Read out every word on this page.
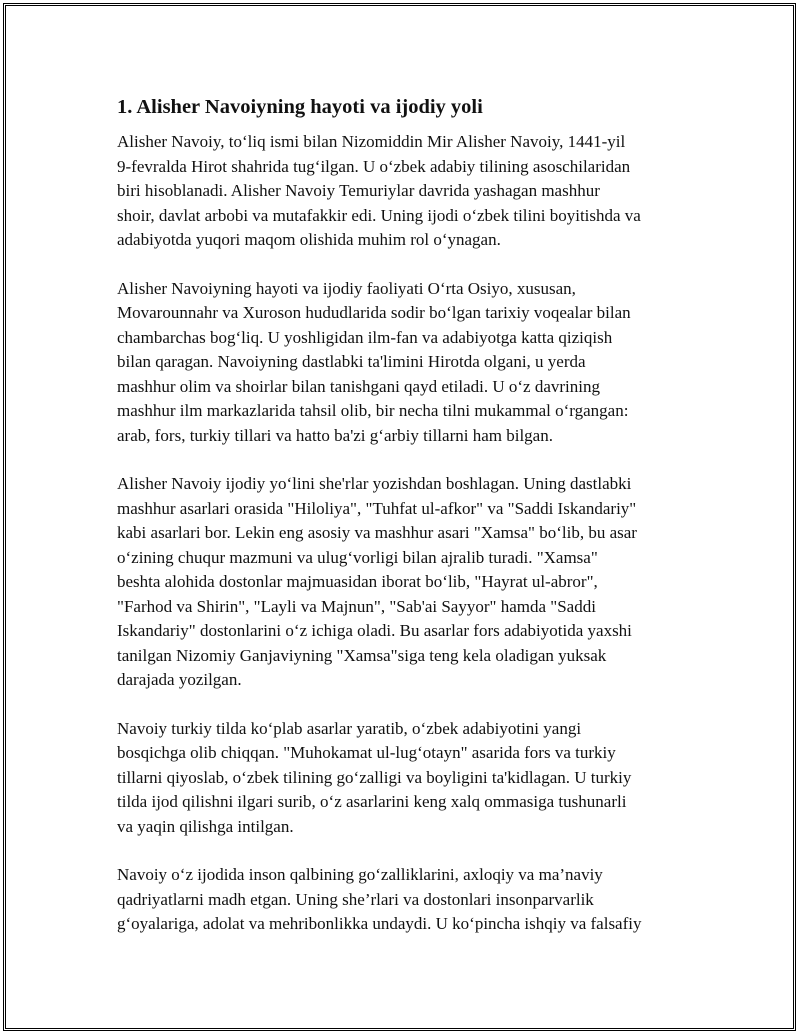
1. Alisher Navoiyning hayoti va ijodiy yoli

Alisher Navoiy, to‘liq ismi bilan Nizomiddin Mir Alisher Navoiy, 1441-yil
9-fevralda Hirot shahrida tug‘ilgan. U o‘zbek adabiy tilining asoschilaridan
biri hisoblanadi. Alisher Navoiy Temuriylar davrida yashagan mashhur
shoir, davlat arbobi va mutafakkir edi. Uning ijodi o‘zbek tilini boyitishda va
adabiyotda yuqori maqom olishida muhim rol o‘ynagan.

Alisher Navoiyning hayoti va ijodiy faoliyati O‘rta Osiyo, xususan,
Movarounnahr va Xuroson hududlarida sodir bo‘lgan tarixiy voqealar bilan
chambarchas bog‘liq. U yoshligidan ilm-fan va adabiyotga katta qiziqish
bilan qaragan. Navoiyning dastlabki ta'limini Hirotda olgani, u yerda
mashhur olim va shoirlar bilan tanishgani qayd etiladi. U o‘z davrining
mashhur ilm markazlarida tahsil olib, bir necha tilni mukammal o‘rgangan:
arab, fors, turkiy tillari va hatto ba'zi g‘arbiy tillarni ham bilgan.

Alisher Navoiy ijodiy yo‘lini she'rlar yozishdan boshlagan. Uning dastlabki
mashhur asarlari orasida "Hiloliya", "Tuhfat ul-afkor" va "Saddi Iskandariy"
kabi asarlari bor. Lekin eng asosiy va mashhur asari "Xamsa" bo‘lib, bu asar
o‘zining chuqur mazmuni va ulug‘vorligi bilan ajralib turadi. "Xamsa"
beshta alohida dostonlar majmuasidan iborat bo‘lib, "Hayrat ul-abror",
"Farhod va Shirin", "Layli va Majnun", "Sab'ai Sayyor" hamda "Saddi
Iskandariy" dostonlarini o‘z ichiga oladi. Bu asarlar fors adabiyotida yaxshi
tanilgan Nizomiy Ganjaviyning "Xamsa"siga teng kela oladigan yuksak
darajada yozilgan.

Navoiy turkiy tilda ko‘plab asarlar yaratib, o‘zbek adabiyotini yangi
bosqichga olib chiqqan. "Muhokamat ul-lug‘otayn" asarida fors va turkiy
tillarni qiyoslab, o‘zbek tilining go‘zalligi va boyligini ta'kidlagan. U turkiy
tilda ijod qilishni ilgari surib, o‘z asarlarini keng xalq ommasiga tushunarli
va yaqin qilishga intilgan.

Navoiy o‘z ijodida inson qalbining go‘zalliklarini, axloqiy va ma’naviy
qadriyatlarni madh etgan. Uning she’rlari va dostonlari insonparvarlik
g‘oyalariga, adolat va mehribonlikka undaydi. U ko‘pincha ishqiy va falsafiy
